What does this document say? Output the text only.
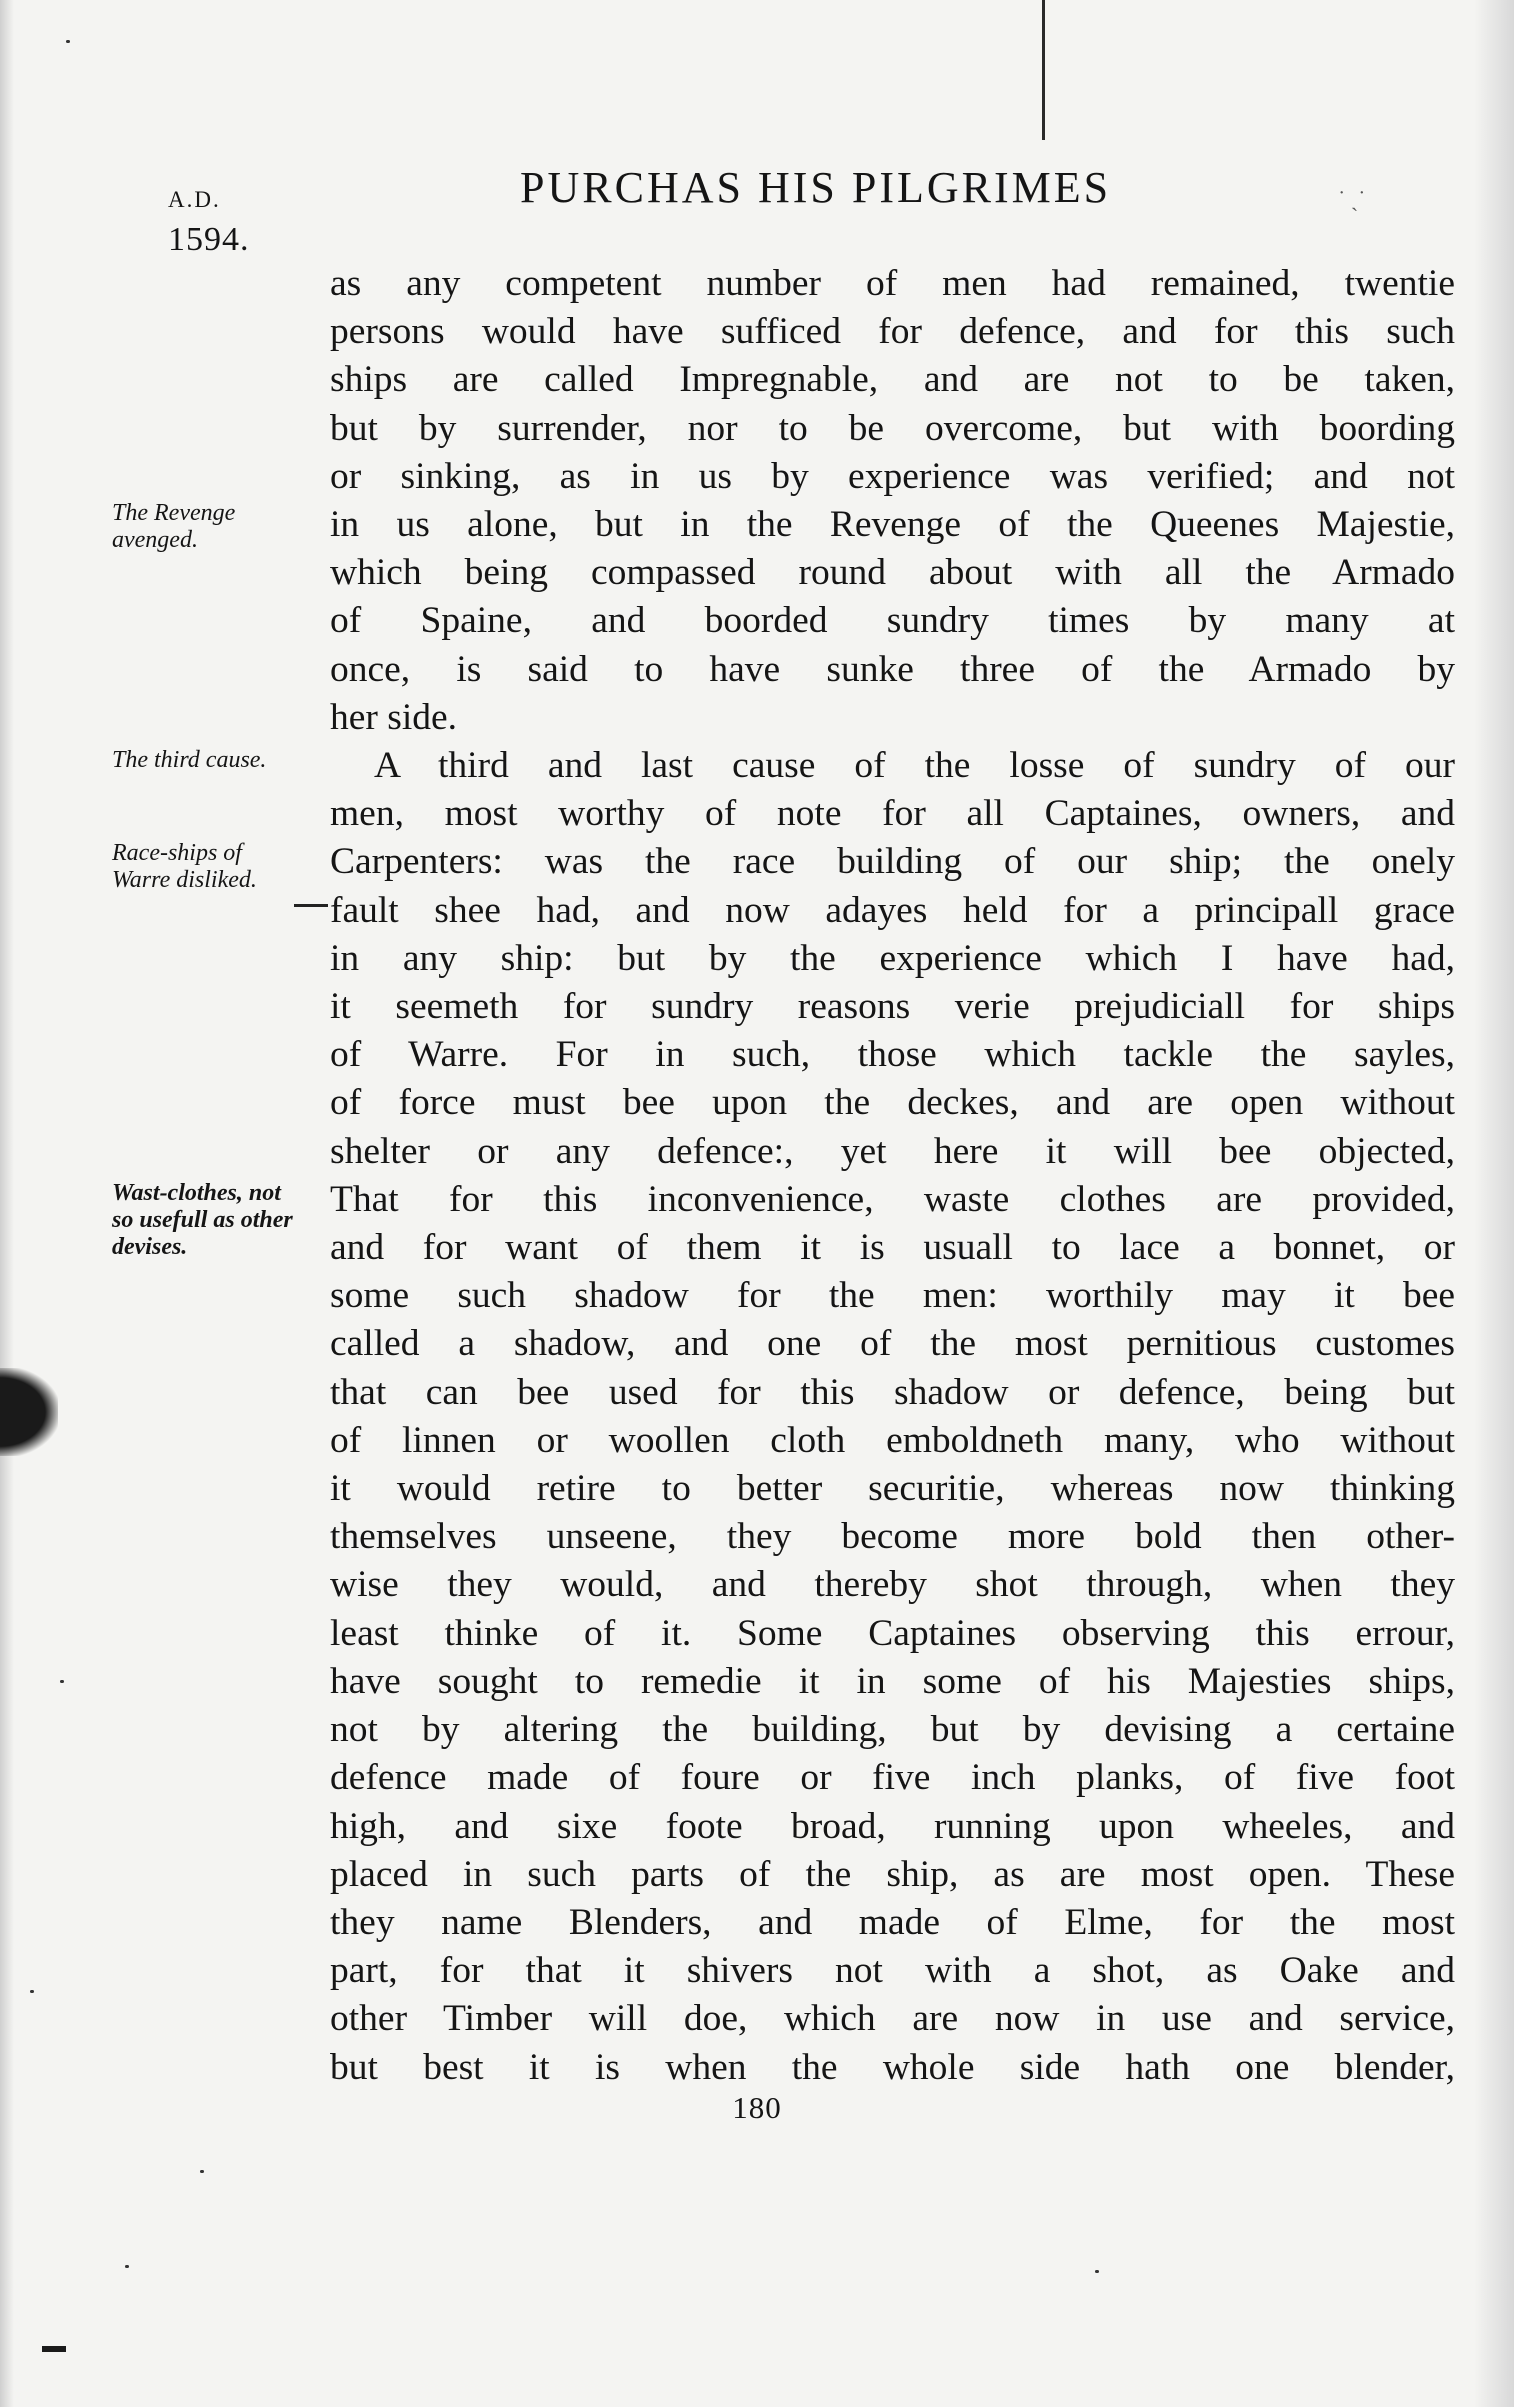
A.D.
1594.
PURCHAS HIS PILGRIMES	˙ ˏ˙
The Revenge avenged.
The third cause.
Race-ships of Warre disliked.
Wast-clothes, not so usefull as other devises.
as any competent number of men had remained, twentie
persons would have sufficed for defence, and for this such
ships are called Impregnable, and are not to be taken,
but by surrender, nor to be overcome, but with boording
or sinking, as in us by experience was verified; and not
in us alone, but in the Revenge of the Queenes Majestie,
which being compassed round about with all the Armado
of Spaine, and boorded sundry times by many at
once, is said to have sunke three of the Armado by
her side.
A third and last cause of the losse of sundry of our
men, most worthy of note for all Captaines, owners, and
Carpenters: was the race building of our ship; the onely
fault shee had, and now adayes held for a principall grace
in any ship: but by the experience which I have had,
it seemeth for sundry reasons verie prejudiciall for ships
of Warre. For in such, those which tackle the sayles,
of force must bee upon the deckes, and are open without
shelter or any defence:, yet here it will bee objected,
That for this inconvenience, waste clothes are provided,
and for want of them it is usuall to lace a bonnet, or
some such shadow for the men: worthily may it bee
called a shadow, and one of the most pernitious customes
that can bee used for this shadow or defence, being but
of linnen or woollen cloth emboldneth many, who without
it would retire to better securitie, whereas now thinking
themselves unseene, they become more bold then other-
wise they would, and thereby shot through, when they
least thinke of it. Some Captaines observing this errour,
have sought to remedie it in some of his Majesties ships,
not by altering the building, but by devising a certaine
defence made of foure or five inch planks, of five foot
high, and sixe foote broad, running upon wheeles, and
placed in such parts of the ship, as are most open. These
they name Blenders, and made of Elme, for the most
part, for that it shivers not with a shot, as Oake and
other Timber will doe, which are now in use and service,
but best it is when the whole side hath one blender,
180
